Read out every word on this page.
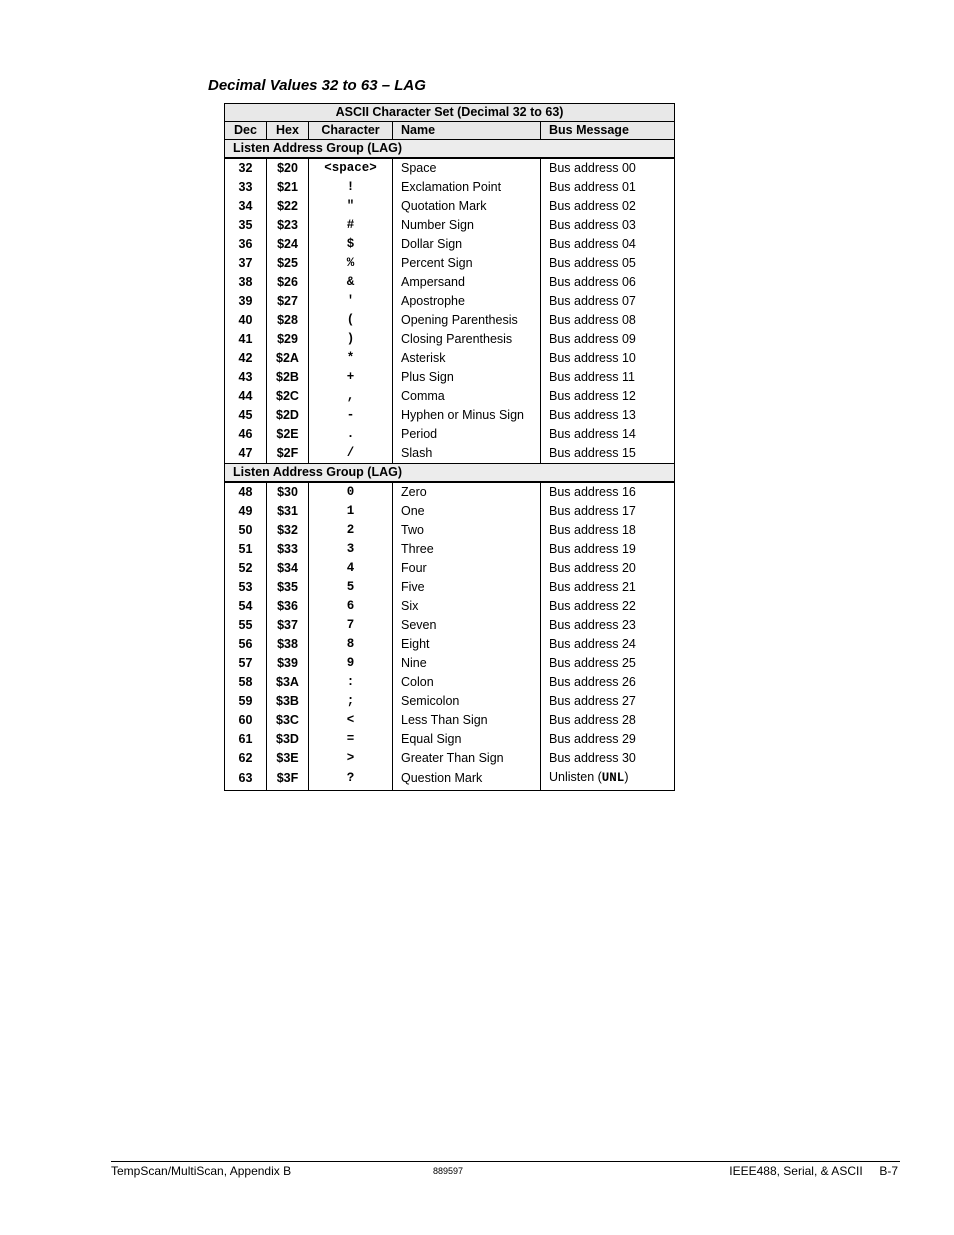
Decimal Values 32 to 63 – LAG
ASCII Character Set (Decimal 32 to 63)				
Dec	Hex	Character	Name	Bus Message
Listen Address Group (LAG)				
32	$20	<space>	Space	Bus address 00
33	$21	!	Exclamation Point	Bus address 01
34	$22	"	Quotation Mark	Bus address 02
35	$23	#	Number Sign	Bus address 03
36	$24	$	Dollar Sign	Bus address 04
37	$25	%	Percent Sign	Bus address 05
38	$26	&	Ampersand	Bus address 06
39	$27	'	Apostrophe	Bus address 07
40	$28	(	Opening Parenthesis	Bus address 08
41	$29	)	Closing Parenthesis	Bus address 09
42	$2A	*	Asterisk	Bus address 10
43	$2B	+	Plus Sign	Bus address 11
44	$2C	,	Comma	Bus address 12
45	$2D	-	Hyphen or Minus Sign	Bus address 13
46	$2E	.	Period	Bus address 14
47	$2F	/	Slash	Bus address 15
Listen Address Group (LAG)				
48	$30	0	Zero	Bus address 16
49	$31	1	One	Bus address 17
50	$32	2	Two	Bus address 18
51	$33	3	Three	Bus address 19
52	$34	4	Four	Bus address 20
53	$35	5	Five	Bus address 21
54	$36	6	Six	Bus address 22
55	$37	7	Seven	Bus address 23
56	$38	8	Eight	Bus address 24
57	$39	9	Nine	Bus address 25
58	$3A	:	Colon	Bus address 26
59	$3B	;	Semicolon	Bus address 27
60	$3C	<	Less Than Sign	Bus address 28
61	$3D	=	Equal Sign	Bus address 29
62	$3E	>	Greater Than Sign	Bus address 30
63	$3F	?	Question Mark	Unlisten (UNL)
TempScan/MultiScan, Appendix B	889597	IEEE488, Serial, & ASCII     B-7
